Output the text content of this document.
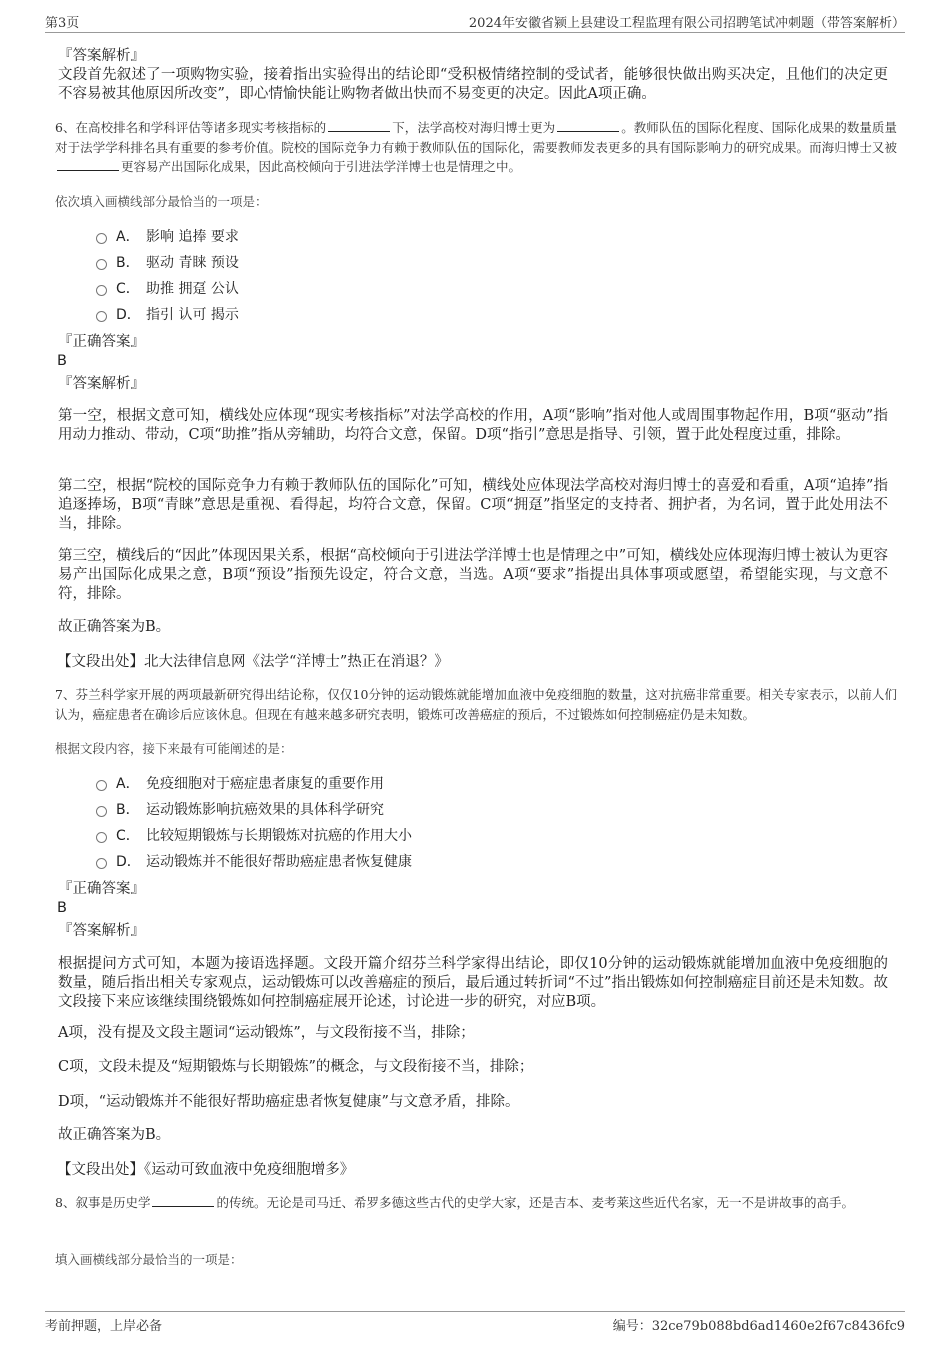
第3页	2024年安徽省颍上县建设工程监理有限公司招聘笔试冲刺题（带答案解析）

『答案解析』

文段首先叙述了一项购物实验，接着指出实验得出的结论即“受积极情绪控制的受试者，能够很快做出购买决定，且他们的决定更不容易被其他原因所改变”，即心情愉快能让购物者做出快而不易变更的决定。因此A项正确。

6、在高校排名和学科评估等诸多现实考核指标的	下，法学高校对海归博士更为	。教师队伍的国际化程度、国际化成果的数量质量对于法学学科排名具有重要的参考价值。院校的国际竞争力有赖于教师队伍的国际化，需要教师发表更多的具有国际影响力的研究成果。而海归博士又被更容易产出国际化成果，因此高校倾向于引进法学洋博士也是情理之中。

依次填入画横线部分最恰当的一项是：

A． 影响 追捧 要求
B． 驱动 青睐 预设
C． 助推 拥趸 公认
D． 指引 认可 揭示

『正确答案』

B

『答案解析』

第一空，根据文意可知，横线处应体现“现实考核指标”对法学高校的作用，A项“影响”指对他人或周围事物起作用，B项“驱动”指用动力推动、带动，C项“助推”指从旁辅助，均符合文意，保留。D项“指引”意思是指导、引领，置于此处程度过重，排除。

第二空，根据“院校的国际竞争力有赖于教师队伍的国际化”可知，横线处应体现法学高校对海归博士的喜爱和看重，A项“追捧”指追逐捧场，B项“青睐”意思是重视、看得起，均符合文意，保留。C项“拥趸”指坚定的支持者、拥护者，为名词，置于此处用法不当，排除。

第三空，横线后的“因此”体现因果关系，根据“高校倾向于引进法学洋博士也是情理之中”可知，横线处应体现海归博士被认为更容易产出国际化成果之意，B项“预设”指预先设定，符合文意，当选。A项“要求”指提出具体事项或愿望，希望能实现，与文意不符，排除。

故正确答案为B。

【文段出处】北大法律信息网《法学“洋博士”热正在消退？》

7、芬兰科学家开展的两项最新研究得出结论称，仅仅10分钟的运动锻炼就能增加血液中免疫细胞的数量，这对抗癌非常重要。相关专家表示，以前人们认为，癌症患者在确诊后应该休息。但现在有越来越多研究表明，锻炼可改善癌症的预后，不过锻炼如何控制癌症仍是未知数。

根据文段内容，接下来最有可能阐述的是：

A． 免疫细胞对于癌症患者康复的重要作用
B． 运动锻炼影响抗癌效果的具体科学研究
C． 比较短期锻炼与长期锻炼对抗癌的作用大小
D． 运动锻炼并不能很好帮助癌症患者恢复健康

『正确答案』

B

『答案解析』

根据提问方式可知，本题为接语选择题。文段开篇介绍芬兰科学家得出结论，即仅10分钟的运动锻炼就能增加血液中免疫细胞的数量，随后指出相关专家观点，运动锻炼可以改善癌症的预后，最后通过转折词“不过”指出锻炼如何控制癌症目前还是未知数。故文段接下来应该继续围绕锻炼如何控制癌症展开论述，讨论进一步的研究，对应B项。

A项，没有提及文段主题词“运动锻炼”，与文段衔接不当，排除；

C项，文段未提及“短期锻炼与长期锻炼”的概念，与文段衔接不当，排除；

D项，“运动锻炼并不能很好帮助癌症患者恢复健康”与文意矛盾，排除。

故正确答案为B。

【文段出处】《运动可致血液中免疫细胞增多》

8、叙事是历史学	的传统。无论是司马迁、希罗多德这些古代的史学大家，还是吉本、麦考莱这些近代名家，无一不是讲故事的高手。

填入画横线部分最恰当的一项是：

考前押题，上岸必备	编号：32ce79b088bd6ad1460e2f67c8436fc9
